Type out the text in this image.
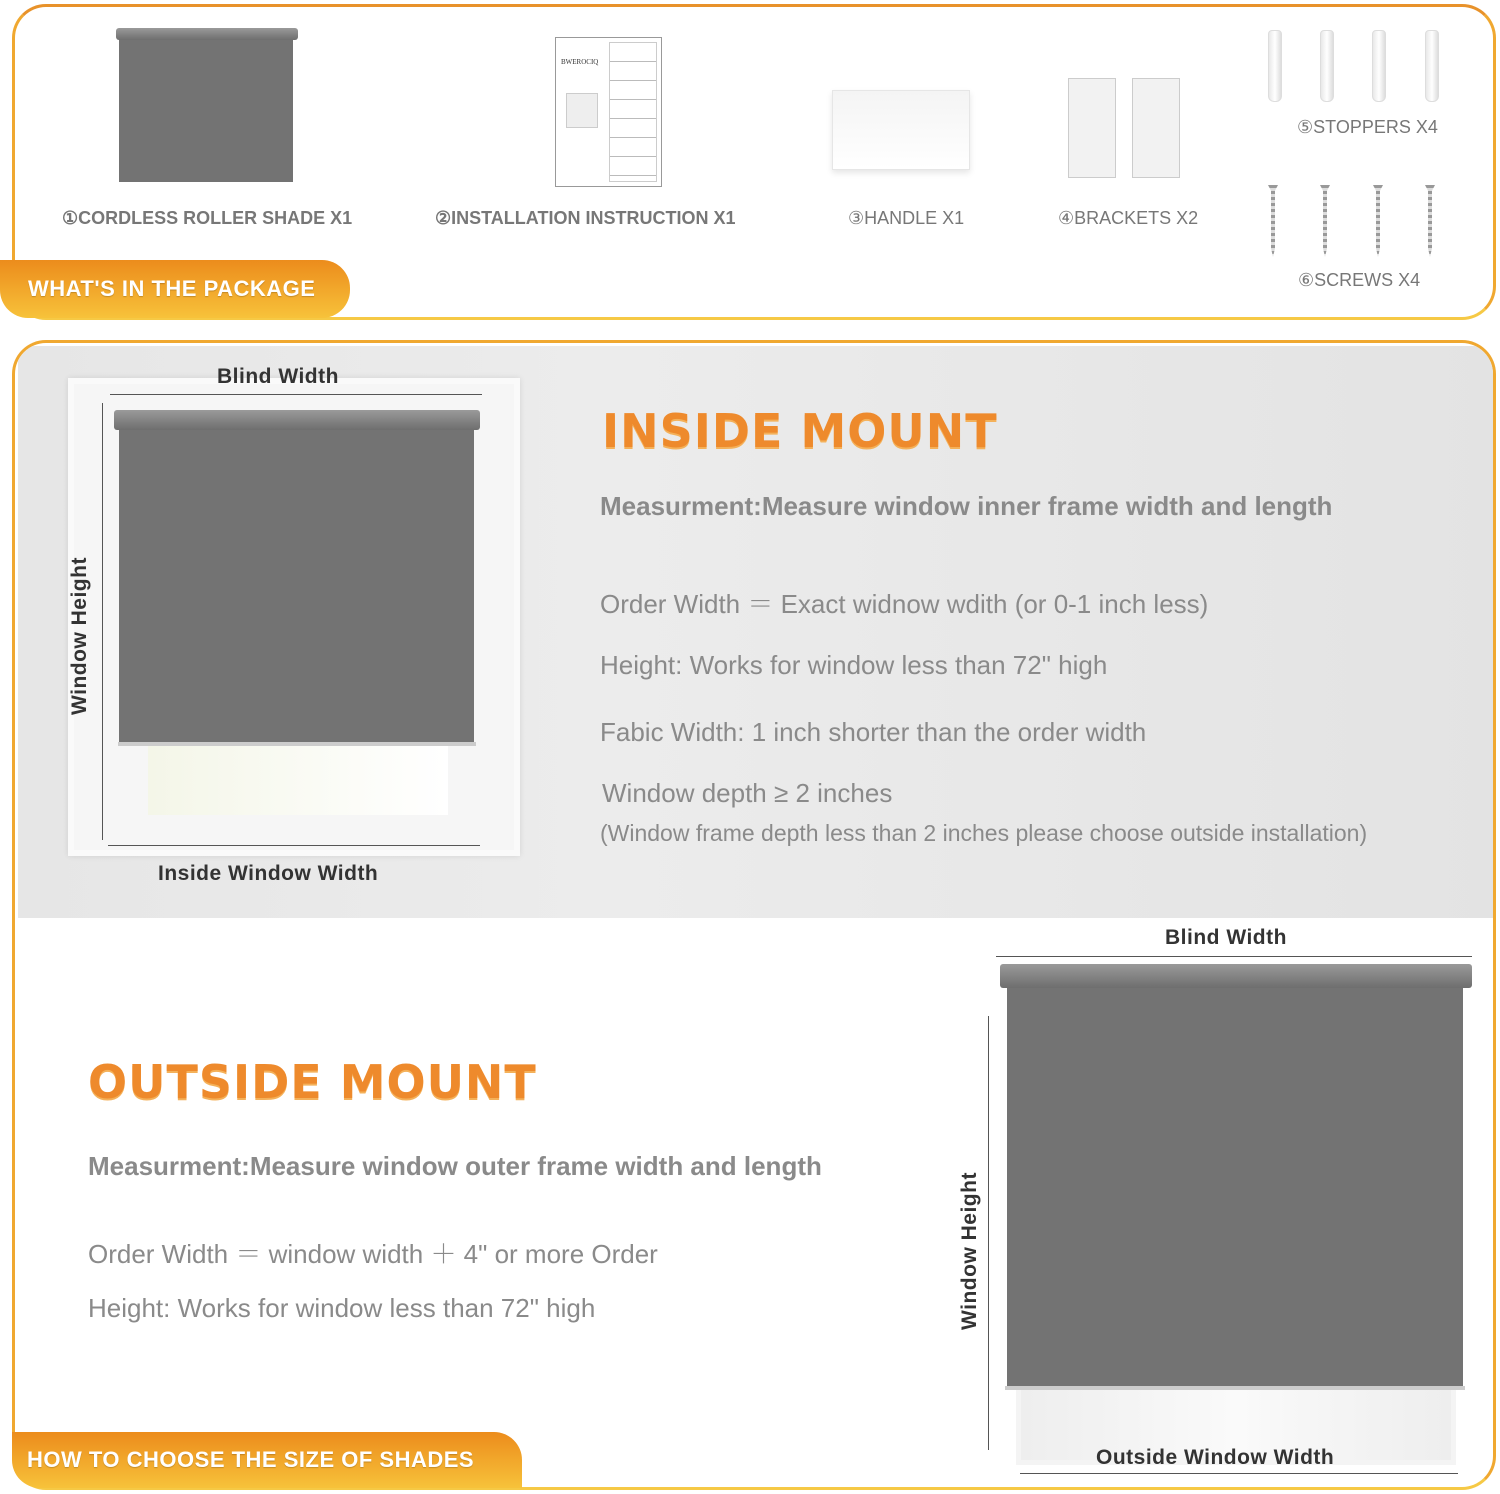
①CORDLESS ROLLER SHADE X1
BWEROCIQ
②INSTALLATION INSTRUCTION X1	③HANDLE X1	④BRACKETS X2
⑤STOPPERS X4
⑥SCREWS X4
WHAT'S IN THE PACKAGE
Blind Width
Window Height
Inside Window Width
INSIDE MOUNT
Measurment:Measure window inner frame width and length
Order Width ＝ Exact widnow wdith (or 0-1 inch less)
Height: Works for window less than 72" high
Fabic Width: 1 inch shorter than the order width
Window depth ≥ 2 inches
(Window frame depth less than 2 inches please choose outside installation)
OUTSIDE MOUNT
Measurment:Measure window outer frame width and length
Order Width ＝ window width ＋ 4" or more Order
Height: Works for window less than 72" high
Blind Width
Window Height
Outside Window Width
HOW TO CHOOSE THE SIZE OF SHADES
